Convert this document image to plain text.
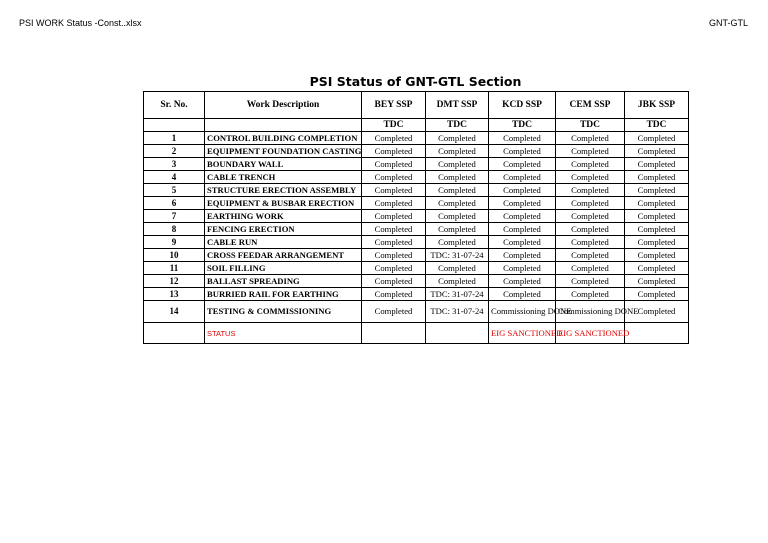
PSI WORK Status -Const..xlsx	GNT-GTL
PSI Status of GNT-GTL Section
Sr. No.	Work Description	BEY SSP	DMT SSP	KCD SSP	CEM SSP	JBK SSP
		TDC	TDC	TDC	TDC	TDC
1	CONTROL BUILDING COMPLETION	Completed	Completed	Completed	Completed	Completed
2	EQUIPMENT FOUNDATION CASTING	Completed	Completed	Completed	Completed	Completed
3	BOUNDARY WALL	Completed	Completed	Completed	Completed	Completed
4	CABLE TRENCH	Completed	Completed	Completed	Completed	Completed
5	STRUCTURE ERECTION ASSEMBLY	Completed	Completed	Completed	Completed	Completed
6	EQUIPMENT & BUSBAR ERECTION	Completed	Completed	Completed	Completed	Completed
7	EARTHING WORK	Completed	Completed	Completed	Completed	Completed
8	FENCING ERECTION	Completed	Completed	Completed	Completed	Completed
9	CABLE RUN	Completed	Completed	Completed	Completed	Completed
10	CROSS FEEDAR ARRANGEMENT	Completed	TDC: 31-07-24	Completed	Completed	Completed
11	SOIL FILLING	Completed	Completed	Completed	Completed	Completed
12	BALLAST SPREADING	Completed	Completed	Completed	Completed	Completed
13	BURRIED RAIL FOR EARTHING	Completed	TDC: 31-07-24	Completed	Completed	Completed
14	TESTING & COMMISSIONING	Completed	TDC: 31-07-24	Commissioning DONE	Commissioning DONE	Completed
	STATUS			EIG SANCTIONED	EIG SANCTIONED	
